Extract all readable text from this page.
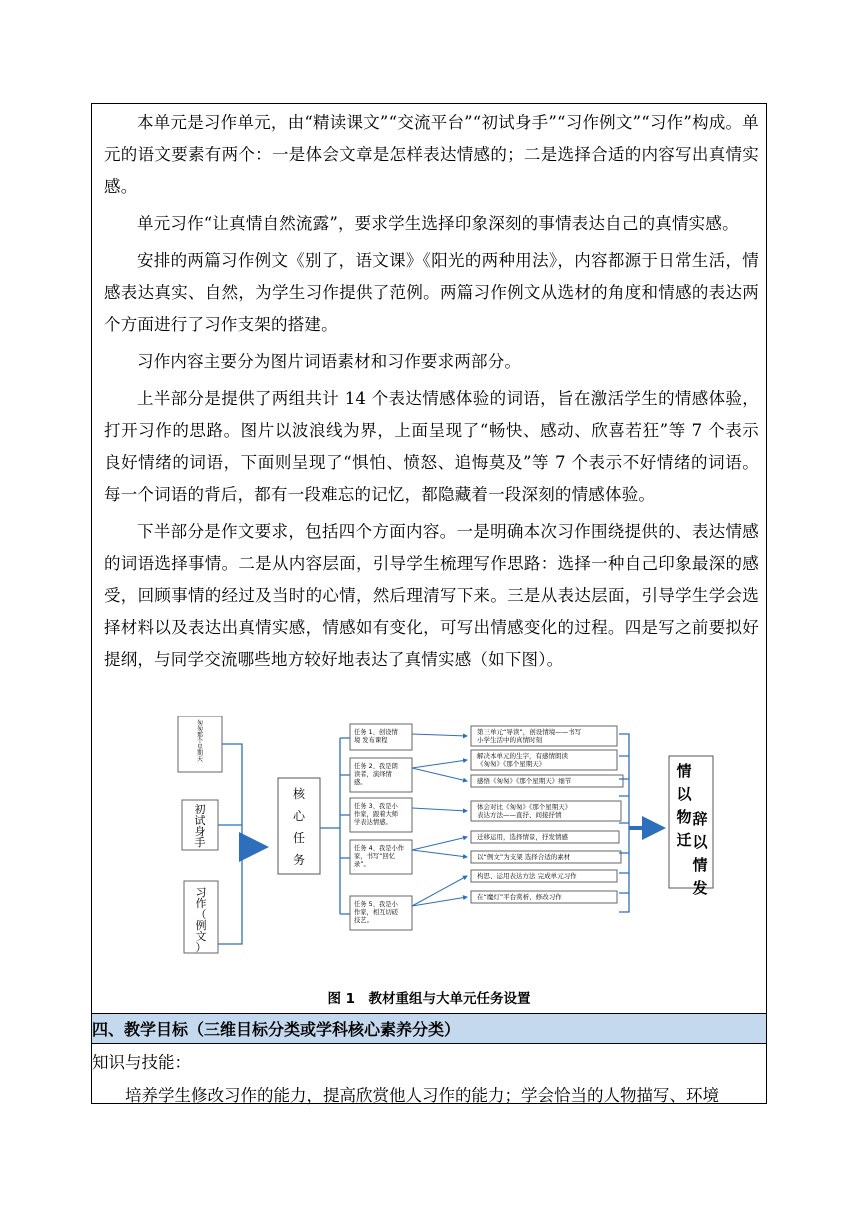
本单元是习作单元，由“精读课文”“交流平台”“初试身手”“习作例文”“习作”构成。单元的语文要素有两个：一是体会文章是怎样表达情感的；二是选择合适的内容写出真情实感。

单元习作“让真情自然流露”，要求学生选择印象深刻的事情表达自己的真情实感。

安排的两篇习作例文《别了，语文课》《阳光的两种用法》，内容都源于日常生活，情感表达真实、自然，为学生习作提供了范例。两篇习作例文从选材的角度和情感的表达两个方面进行了习作支架的搭建。

习作内容主要分为图片词语素材和习作要求两部分。

上半部分是提供了两组共计 14 个表达情感体验的词语，旨在激活学生的情感体验，打开习作的思路。图片以波浪线为界，上面呈现了“畅快、感动、欣喜若狂”等 7 个表示良好情绪的词语，下面则呈现了“惧怕、愤怒、追悔莫及”等 7 个表示不好情绪的词语。每一个词语的背后，都有一段难忘的记忆，都隐藏着一段深刻的情感体验。

下半部分是作文要求，包括四个方面内容。一是明确本次习作围绕提供的、表达情感的词语选择事情。二是从内容层面，引导学生梳理写作思路：选择一种自己印象最深的感受，回顾事情的经过及当时的心情，然后理清写下来。三是从表达层面，引导学生学会选择材料以及表达出真情实感，情感如有变化，可写出情感变化的过程。四是写之前要拟好提纲，与同学交流哪些地方较好地表达了真情实感（如下图）。

匆匆那个星期天
初试身手
习作（例文）
核心任务
任务 1、创设情境 发布课程
任务 2、我是朗读者，演绎情感。
任务 3、我是小作家，跟着大师学表达情感。
任务 4、我是小作家，书写“回忆录”。
任务 5、我是小作家，相互切磋技艺。
第三单元“导读”，创设情境——书写小学生活中的真情时刻
解决本单元的生字，有感情朗读《匆匆》《那个星期天》
感悟《匆匆》《那个星期天》细节
体会对比《匆匆》《那个星期天》表达方法——直抒、间接抒情
迁移运用，选择情景，抒发情感
以“例文”为支架 选择合适的素材
构思、运用表达方法 完成单元习作
在“魔灯”平台赏析、修改习作
情以物迁
辞以情发
图 1　教材重组与大单元任务设置
四、教学目标（三维目标分类或学科核心素养分类）
知识与技能：
培养学生修改习作的能力，提高欣赏他人习作的能力；学会恰当的人物描写、环境
